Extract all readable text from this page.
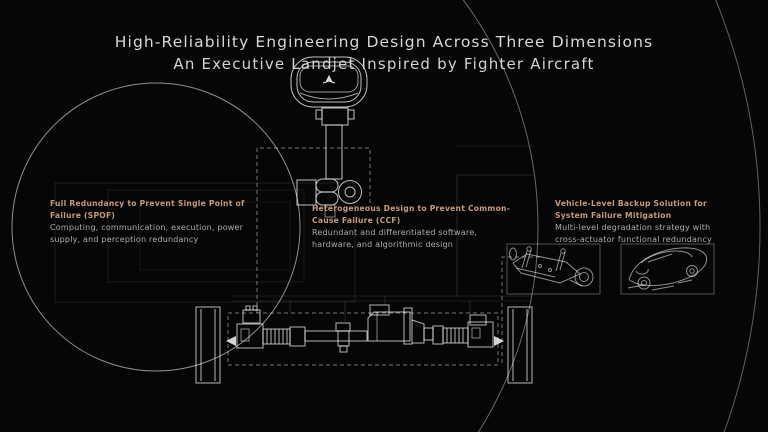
High-Reliability Engineering Design Across Three Dimensions
An Executive Landjet Inspired by Fighter Aircraft
Full Redundancy to Prevent Single Point of
Failure (SPOF)
Computing, communication, execution, power
supply, and perception redundancy
Heterogeneous Design to Prevent Common-
Cause Failure (CCF)
Redundant and differentiated software,
hardware, and algorithmic design
Vehicle-Level Backup Solution for
System Failure Mitigation
Multi-level degradation strategy with
cross-actuator functional redundancy
